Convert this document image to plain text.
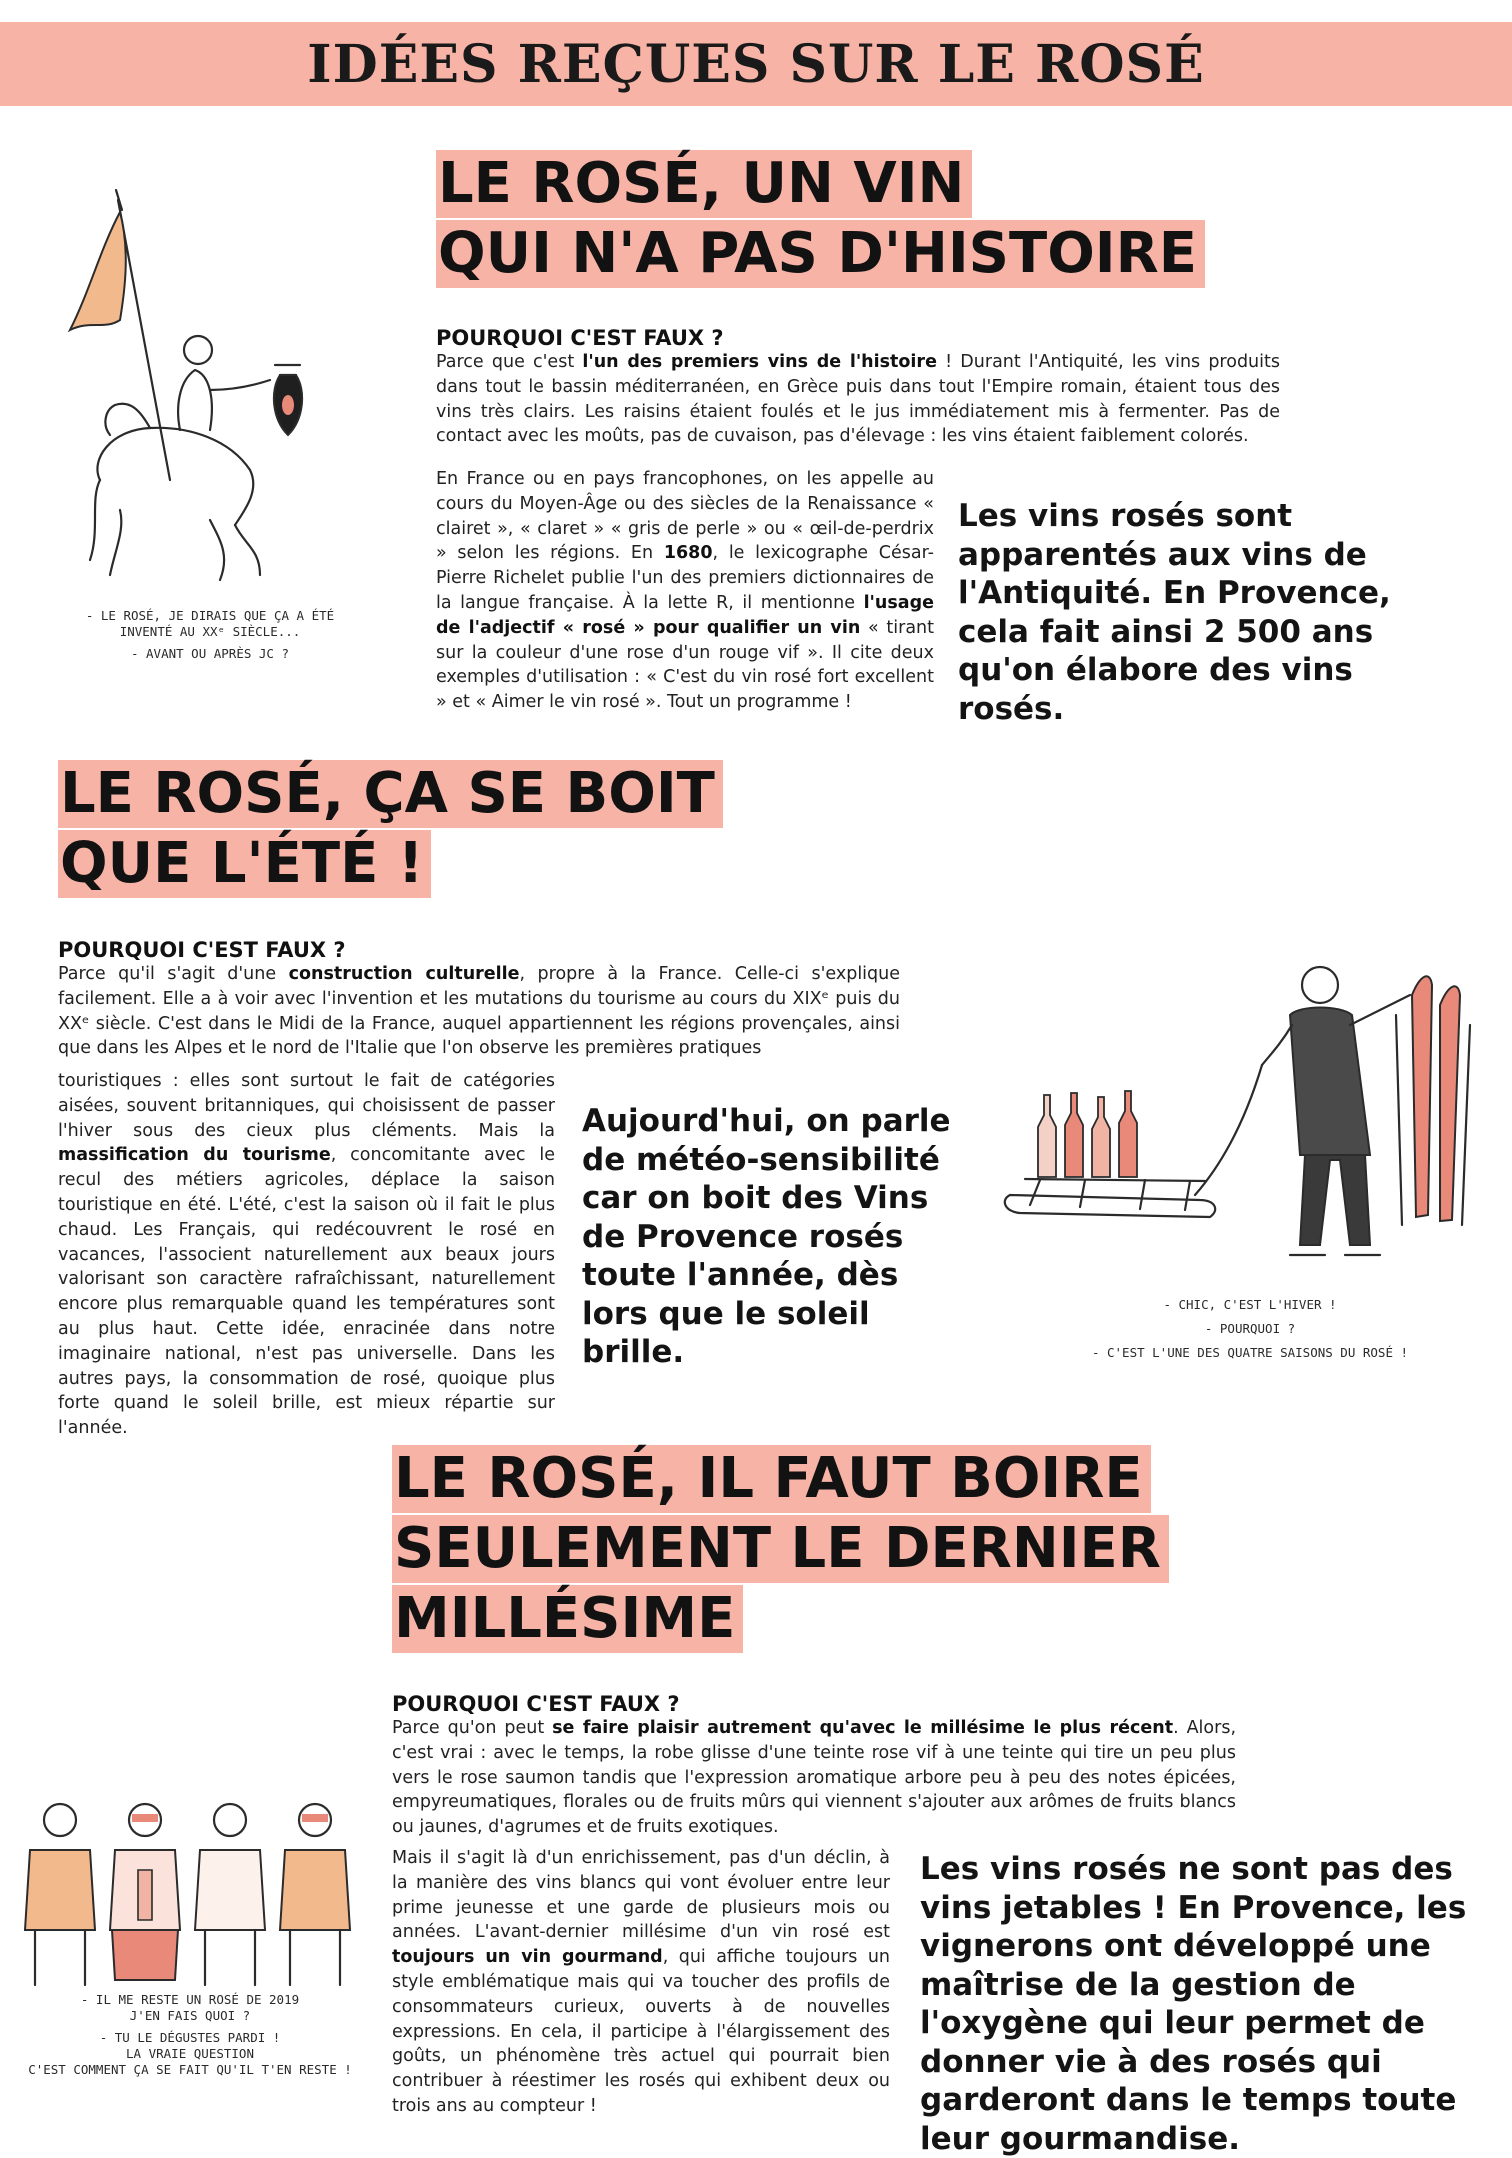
IDÉES REÇUES SUR LE ROSÉ
- LE ROSÉ, JE DIRAIS QUE ÇA A ÉTÉ
INVENTÉ AU XXᵉ SIÈCLE...
- AVANT OU APRÈS JC ?
LE ROSÉ, UN VIN
QUI N'A PAS D'HISTOIRE

POURQUOI C'EST FAUX ?

Parce que c'est l'un des premiers vins de l'histoire ! Durant l'Antiquité, les vins produits dans tout le bassin méditerranéen, en Grèce puis dans tout l'Empire romain, étaient tous des vins très clairs. Les raisins étaient foulés et le jus immédiatement mis à fermenter. Pas de contact avec les moûts, pas de cuvaison, pas d'élevage : les vins étaient faiblement colorés.
En France ou en pays francophones, on les appelle au cours du Moyen-Âge ou des siècles de la Renaissance « clairet », « claret » « gris de perle » ou « œil-de-perdrix » selon les régions. En 1680, le lexicographe César-Pierre Richelet publie l'un des premiers dictionnaires de la langue française. À la lette R, il mentionne l'usage de l'adjectif « rosé » pour qualifier un vin « tirant sur la couleur d'une rose d'un rouge vif ». Il cite deux exemples d'utilisation : « C'est du vin rosé fort excellent » et « Aimer le vin rosé ». Tout un programme !
Les vins rosés sont apparentés aux vins de l'Antiquité. En Provence, cela fait ainsi 2 500 ans qu'on élabore des vins rosés.
LE ROSÉ, ÇA SE BOIT
QUE L'ÉTÉ !

POURQUOI C'EST FAUX ?

Parce qu'il s'agit d'une construction culturelle, propre à la France. Celle-ci s'explique facilement. Elle a à voir avec l'invention et les mutations du tourisme au cours du XIXᵉ puis du XXᵉ siècle. C'est dans le Midi de la France, auquel appartiennent les régions provençales, ainsi que dans les Alpes et le nord de l'Italie que l'on observe les premières pratiques
touristiques : elles sont surtout le fait de catégories aisées, souvent britanniques, qui choisissent de passer l'hiver sous des cieux plus cléments. Mais la massification du tourisme, concomitante avec le recul des métiers agricoles, déplace la saison touristique en été. L'été, c'est la saison où il fait le plus chaud. Les Français, qui redécouvrent le rosé en vacances, l'associent naturellement aux beaux jours valorisant son caractère rafraîchissant, naturellement encore plus remarquable quand les températures sont au plus haut. Cette idée, enracinée dans notre imaginaire national, n'est pas universelle. Dans les autres pays, la consommation de rosé, quoique plus forte quand le soleil brille, est mieux répartie sur l'année.
Aujourd'hui, on parle de météo-sensibilité car on boit des Vins de Provence rosés toute l'année, dès lors que le soleil brille.
- CHIC, C'EST L'HIVER !
- POURQUOI ?
- C'EST L'UNE DES QUATRE SAISONS DU ROSÉ !
LE ROSÉ, IL FAUT BOIRE
SEULEMENT LE DERNIER
MILLÉSIME

POURQUOI C'EST FAUX ?

Parce qu'on peut se faire plaisir autrement qu'avec le millésime le plus récent. Alors, c'est vrai : avec le temps, la robe glisse d'une teinte rose vif à une teinte qui tire un peu plus vers le rose saumon tandis que l'expression aromatique arbore peu à peu des notes épicées, empyreumatiques, florales ou de fruits mûrs qui viennent s'ajouter aux arômes de fruits blancs ou jaunes, d'agrumes et de fruits exotiques.
Mais il s'agit là d'un enrichissement, pas d'un déclin, à la manière des vins blancs qui vont évoluer entre leur prime jeunesse et une garde de plusieurs mois ou années. L'avant-dernier millésime d'un vin rosé est toujours un vin gourmand, qui affiche toujours un style emblématique mais qui va toucher des profils de consommateurs curieux, ouverts à de nouvelles expressions. En cela, il participe à l'élargissement des goûts, un phénomène très actuel qui pourrait bien contribuer à réestimer les rosés qui exhibent deux ou trois ans au compteur !
Les vins rosés ne sont pas des vins jetables ! En Provence, les vignerons ont développé une maîtrise de la gestion de l'oxygène qui leur permet de donner vie à des rosés qui garderont dans le temps toute leur gourmandise.
- IL ME RESTE UN ROSÉ DE 2019
J'EN FAIS QUOI ?
- TU LE DÉGUSTES PARDI !
LA VRAIE QUESTION
C'EST COMMENT ÇA SE FAIT QU'IL T'EN RESTE !
